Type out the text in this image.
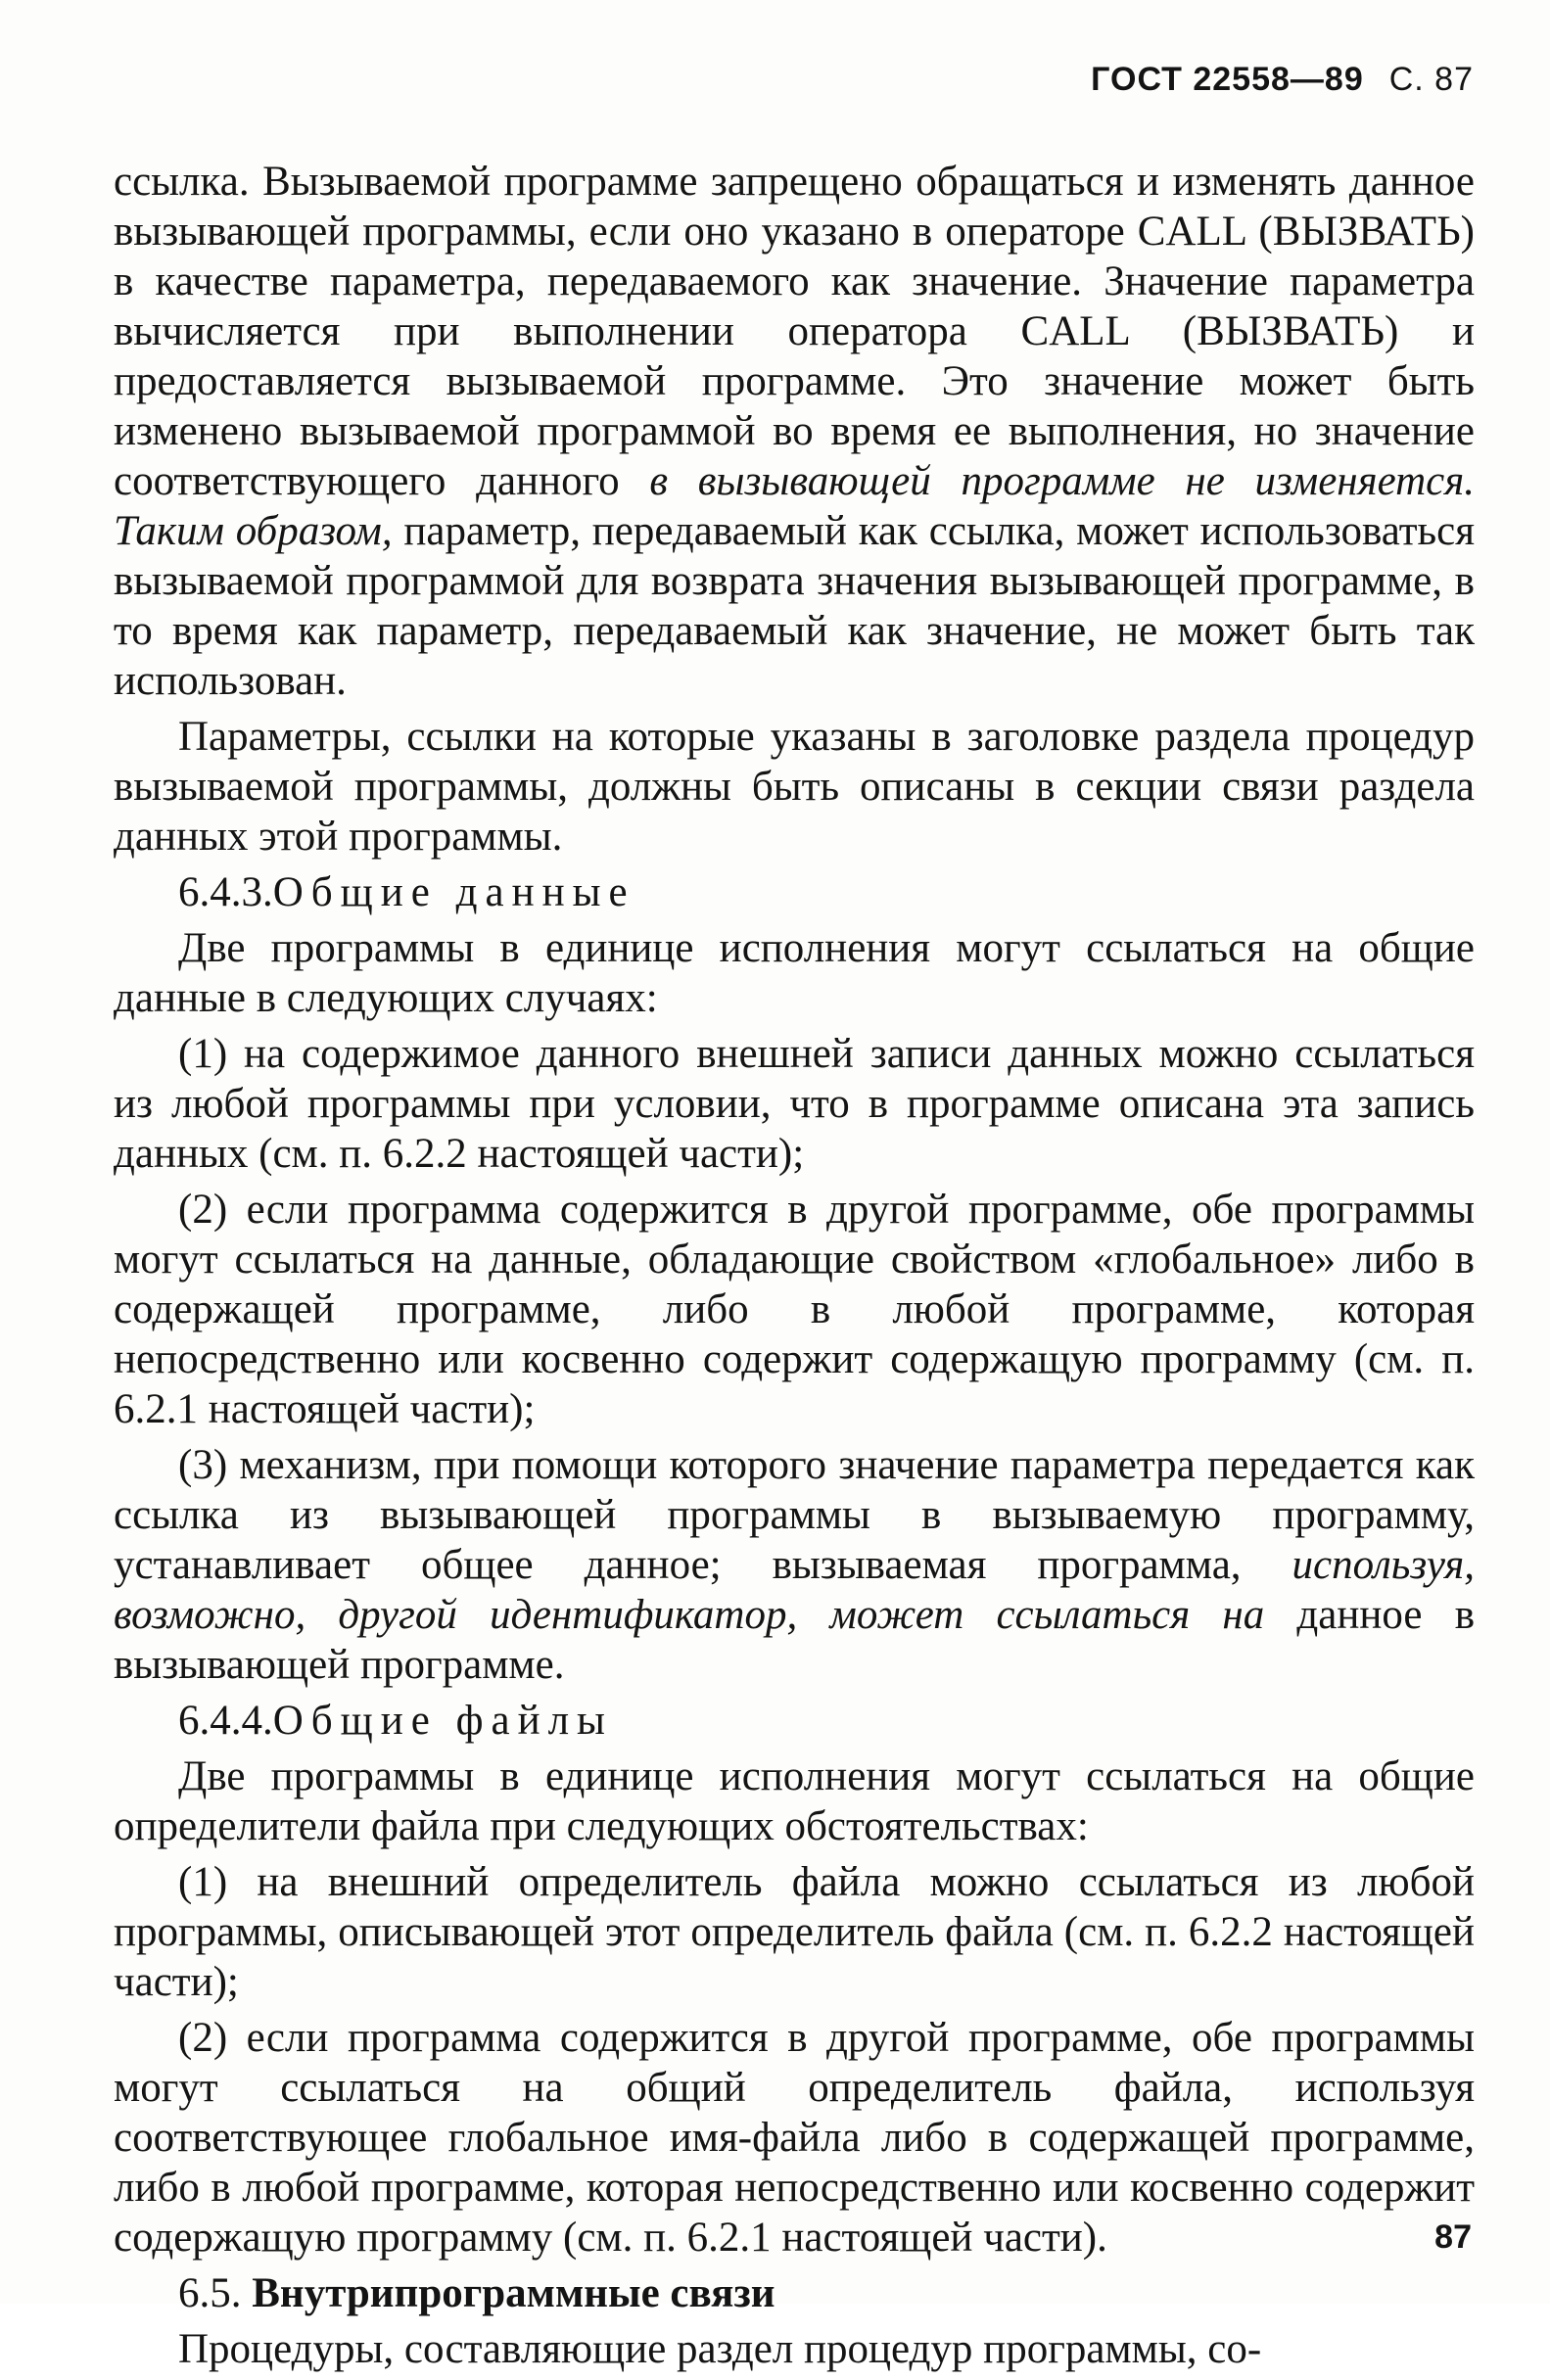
ГОСТ 22558—89 С. 87

ссылка. Вызываемой программе запрещено обращаться и изменять данное вызывающей программы, если оно указано в операторе CALL (ВЫЗВАТЬ) в качестве параметра, передаваемого как значение. Значение параметра вычисляется при выполнении оператора CALL (ВЫЗВАТЬ) и предоставляется вызываемой программе. Это значение может быть изменено вызываемой программой во время ее выполнения, но значение соответствующего данного в вызывающей программе не изменяется. Таким образом, параметр, передаваемый как ссылка, может использоваться вызываемой программой для возврата значения вызывающей программе, в то время как параметр, передаваемый как значение, не может быть так использован.

Параметры, ссылки на которые указаны в заголовке раздела процедур вызываемой программы, должны быть описаны в секции связи раздела данных этой программы.

6.4.3.Общие данные

Две программы в единице исполнения могут ссылаться на общие данные в следующих случаях:

(1) на содержимое данного внешней записи данных можно ссылаться из любой программы при условии, что в программе описана эта запись данных (см. п. 6.2.2 настоящей части);

(2) если программа содержится в другой программе, обе программы могут ссылаться на данные, обладающие свойством «глобальное» либо в содержащей программе, либо в любой программе, которая непосредственно или косвенно содержит содержащую программу (см. п. 6.2.1 настоящей части);

(3) механизм, при помощи которого значение параметра передается как ссылка из вызывающей программы в вызываемую программу, устанавливает общее данное; вызываемая программа, используя, возможно, другой идентификатор, может ссылаться на данное в вызывающей программе.

6.4.4.Общие файлы

Две программы в единице исполнения могут ссылаться на общие определители файла при следующих обстоятельствах:

(1) на внешний определитель файла можно ссылаться из любой программы, описывающей этот определитель файла (см. п. 6.2.2 настоящей части);

(2) если программа содержится в другой программе, обе программы могут ссылаться на общий определитель файла, используя соответствующее глобальное имя-файла либо в содержащей программе, либо в любой программе, которая непосредственно или косвенно содержит содержащую программу (см. п. 6.2.1 настоящей части).

6.5. Внутрипрограммные связи

Процедуры, составляющие раздел процедур программы, со-

87
